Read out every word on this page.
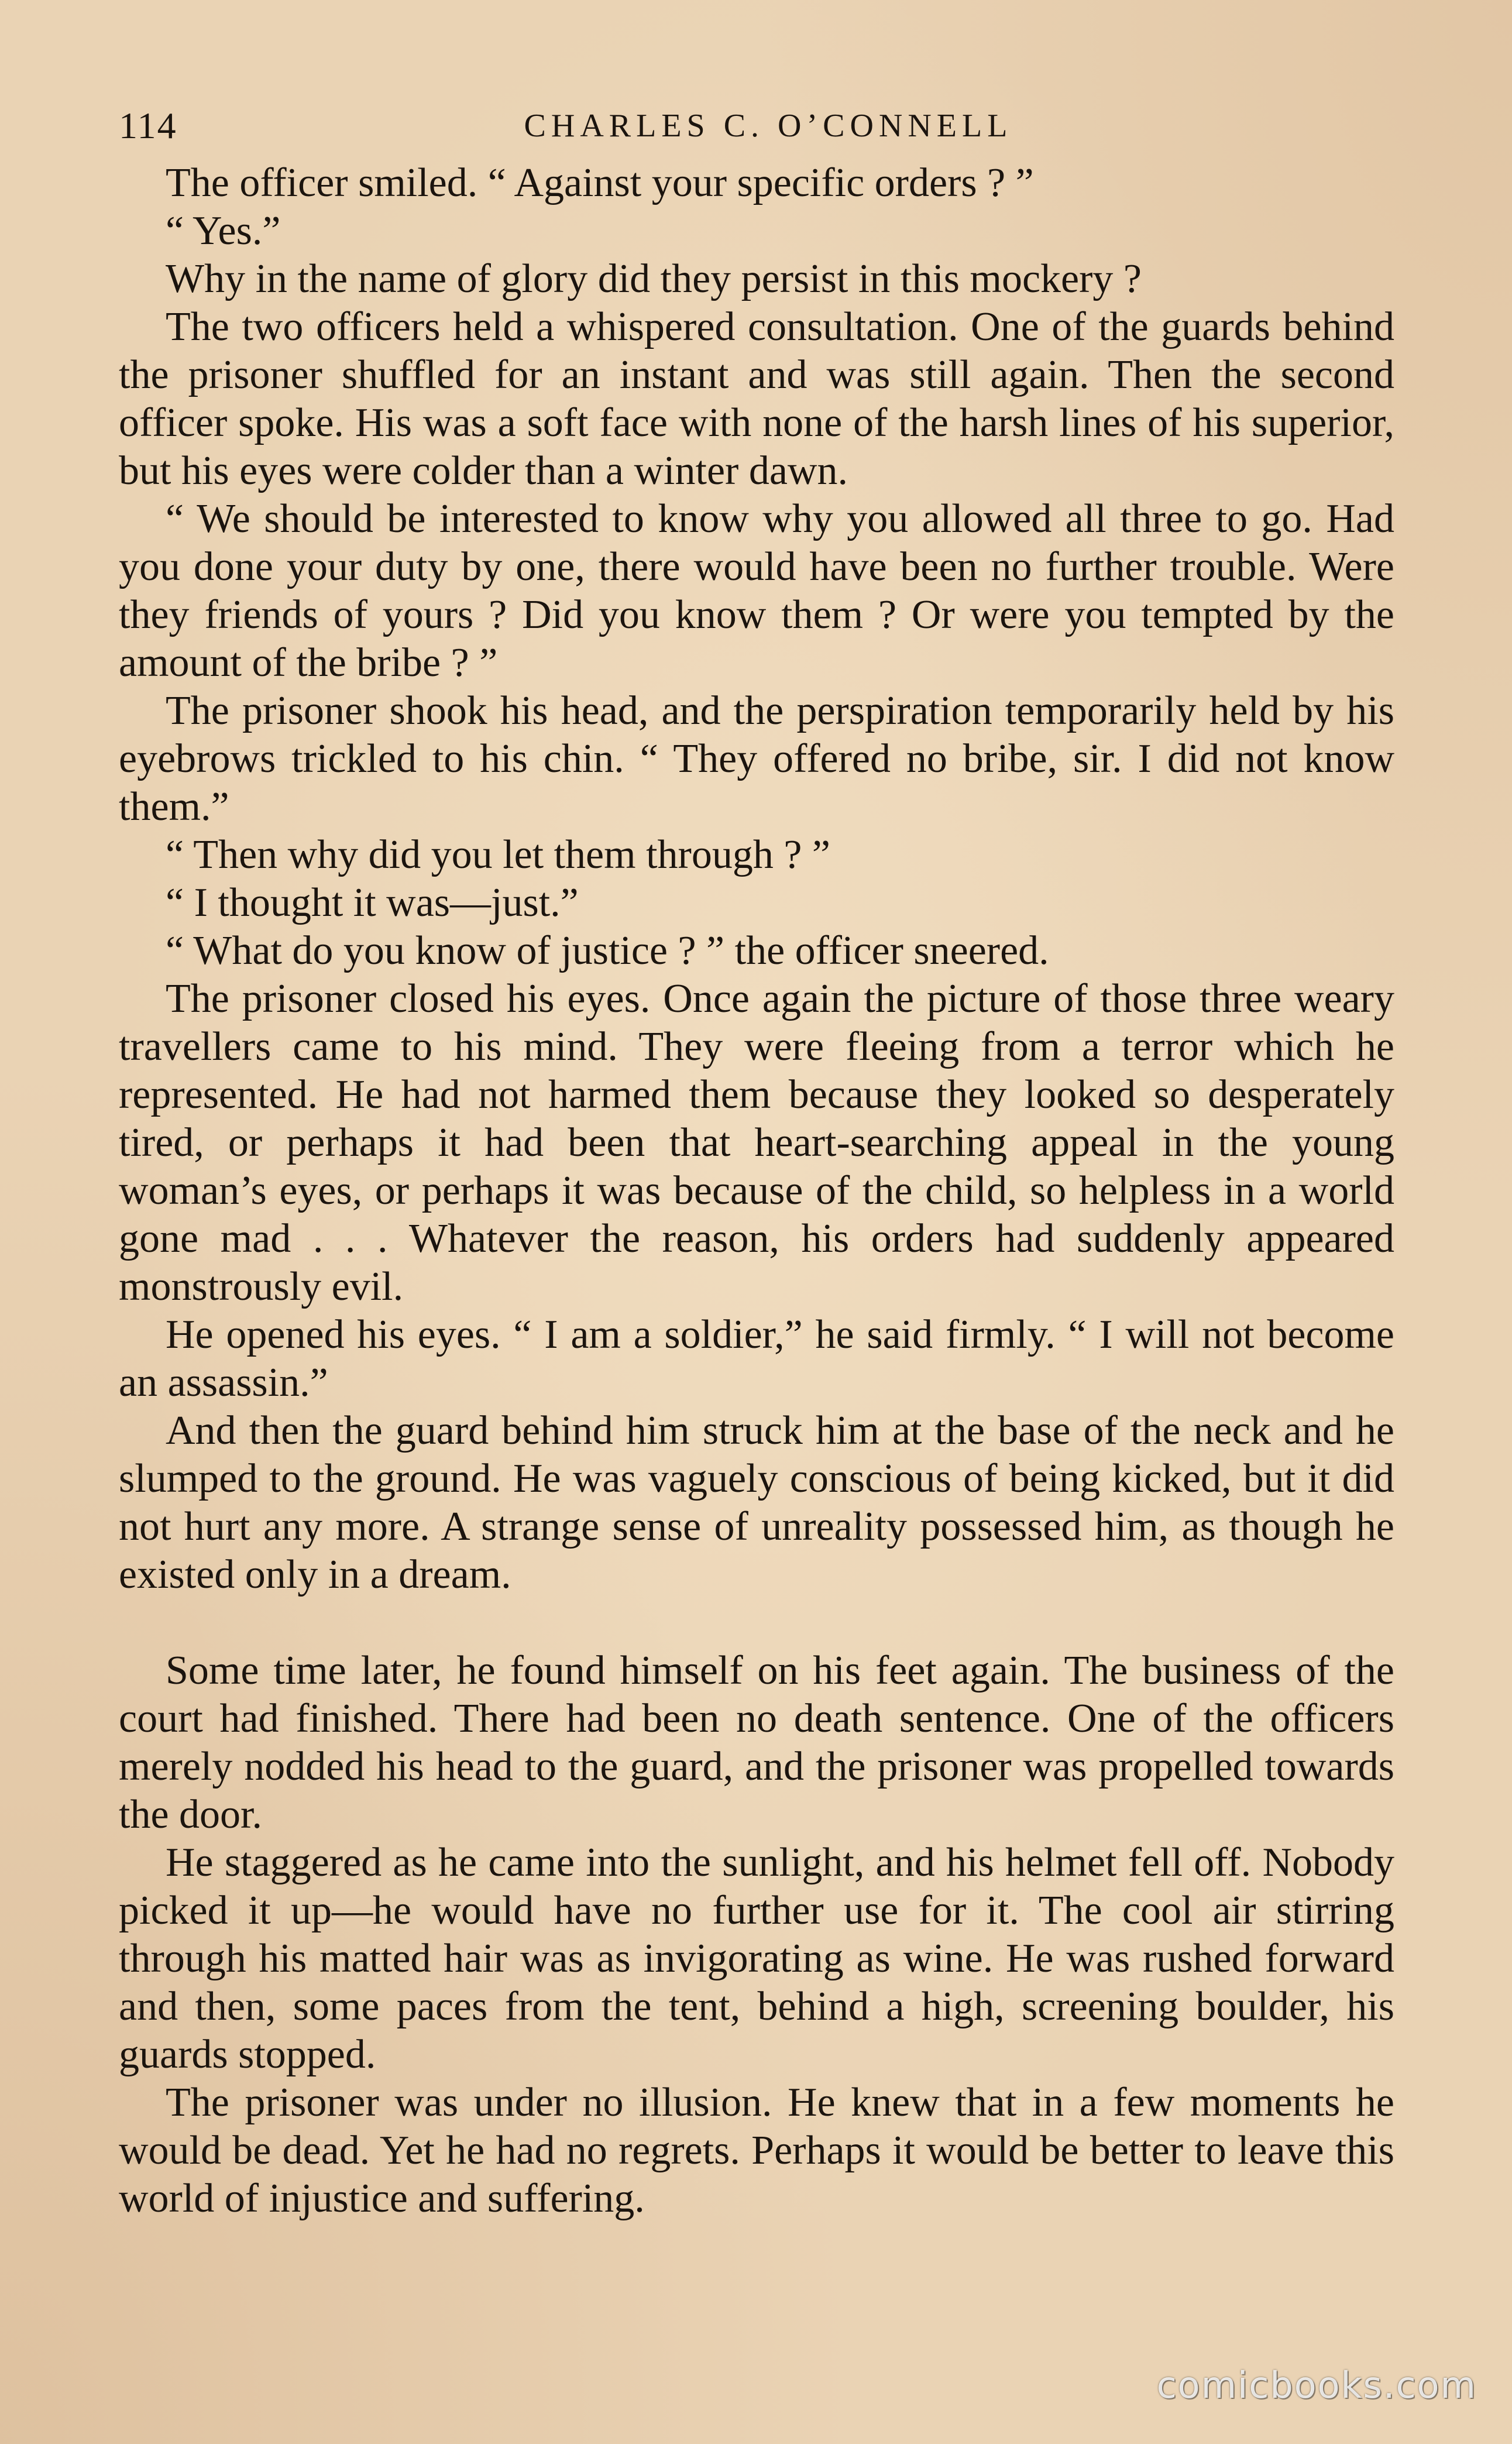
114	CHARLES C. O’CONNELL

The officer smiled. “ Against your specific orders ? ”

“ Yes.”

Why in the name of glory did they persist in this mockery ?

The two officers held a whispered consultation. One of the guards behind the prisoner shuffled for an instant and was still again. Then the second officer spoke. His was a soft face with none of the harsh lines of his superior, but his eyes were colder than a winter dawn.

“ We should be interested to know why you allowed all three to go. Had you done your duty by one, there would have been no further trouble. Were they friends of yours ? Did you know them ? Or were you tempted by the amount of the bribe ? ”

The prisoner shook his head, and the perspiration temporarily held by his eyebrows trickled to his chin. “ They offered no bribe, sir. I did not know them.”

“ Then why did you let them through ? ”

“ I thought it was—just.”

“ What do you know of justice ? ” the officer sneered.

The prisoner closed his eyes. Once again the picture of those three weary travellers came to his mind. They were fleeing from a terror which he represented. He had not harmed them because they looked so desperately tired, or perhaps it had been that heart-searching appeal in the young woman’s eyes, or perhaps it was because of the child, so helpless in a world gone mad . . . Whatever the reason, his orders had suddenly appeared monstrously evil.

He opened his eyes. “ I am a soldier,” he said firmly. “ I will not become an assassin.”

And then the guard behind him struck him at the base of the neck and he slumped to the ground. He was vaguely conscious of being kicked, but it did not hurt any more. A strange sense of unreality possessed him, as though he existed only in a dream.

Some time later, he found himself on his feet again. The business of the court had finished. There had been no death sentence. One of the officers merely nodded his head to the guard, and the prisoner was propelled towards the door.

He staggered as he came into the sunlight, and his helmet fell off. Nobody picked it up—he would have no further use for it. The cool air stirring through his matted hair was as invigorating as wine. He was rushed forward and then, some paces from the tent, behind a high, screening boulder, his guards stopped.

The prisoner was under no illusion. He knew that in a few moments he would be dead. Yet he had no regrets. Perhaps it would be better to leave this world of injustice and suffering.

comicbooks.com
